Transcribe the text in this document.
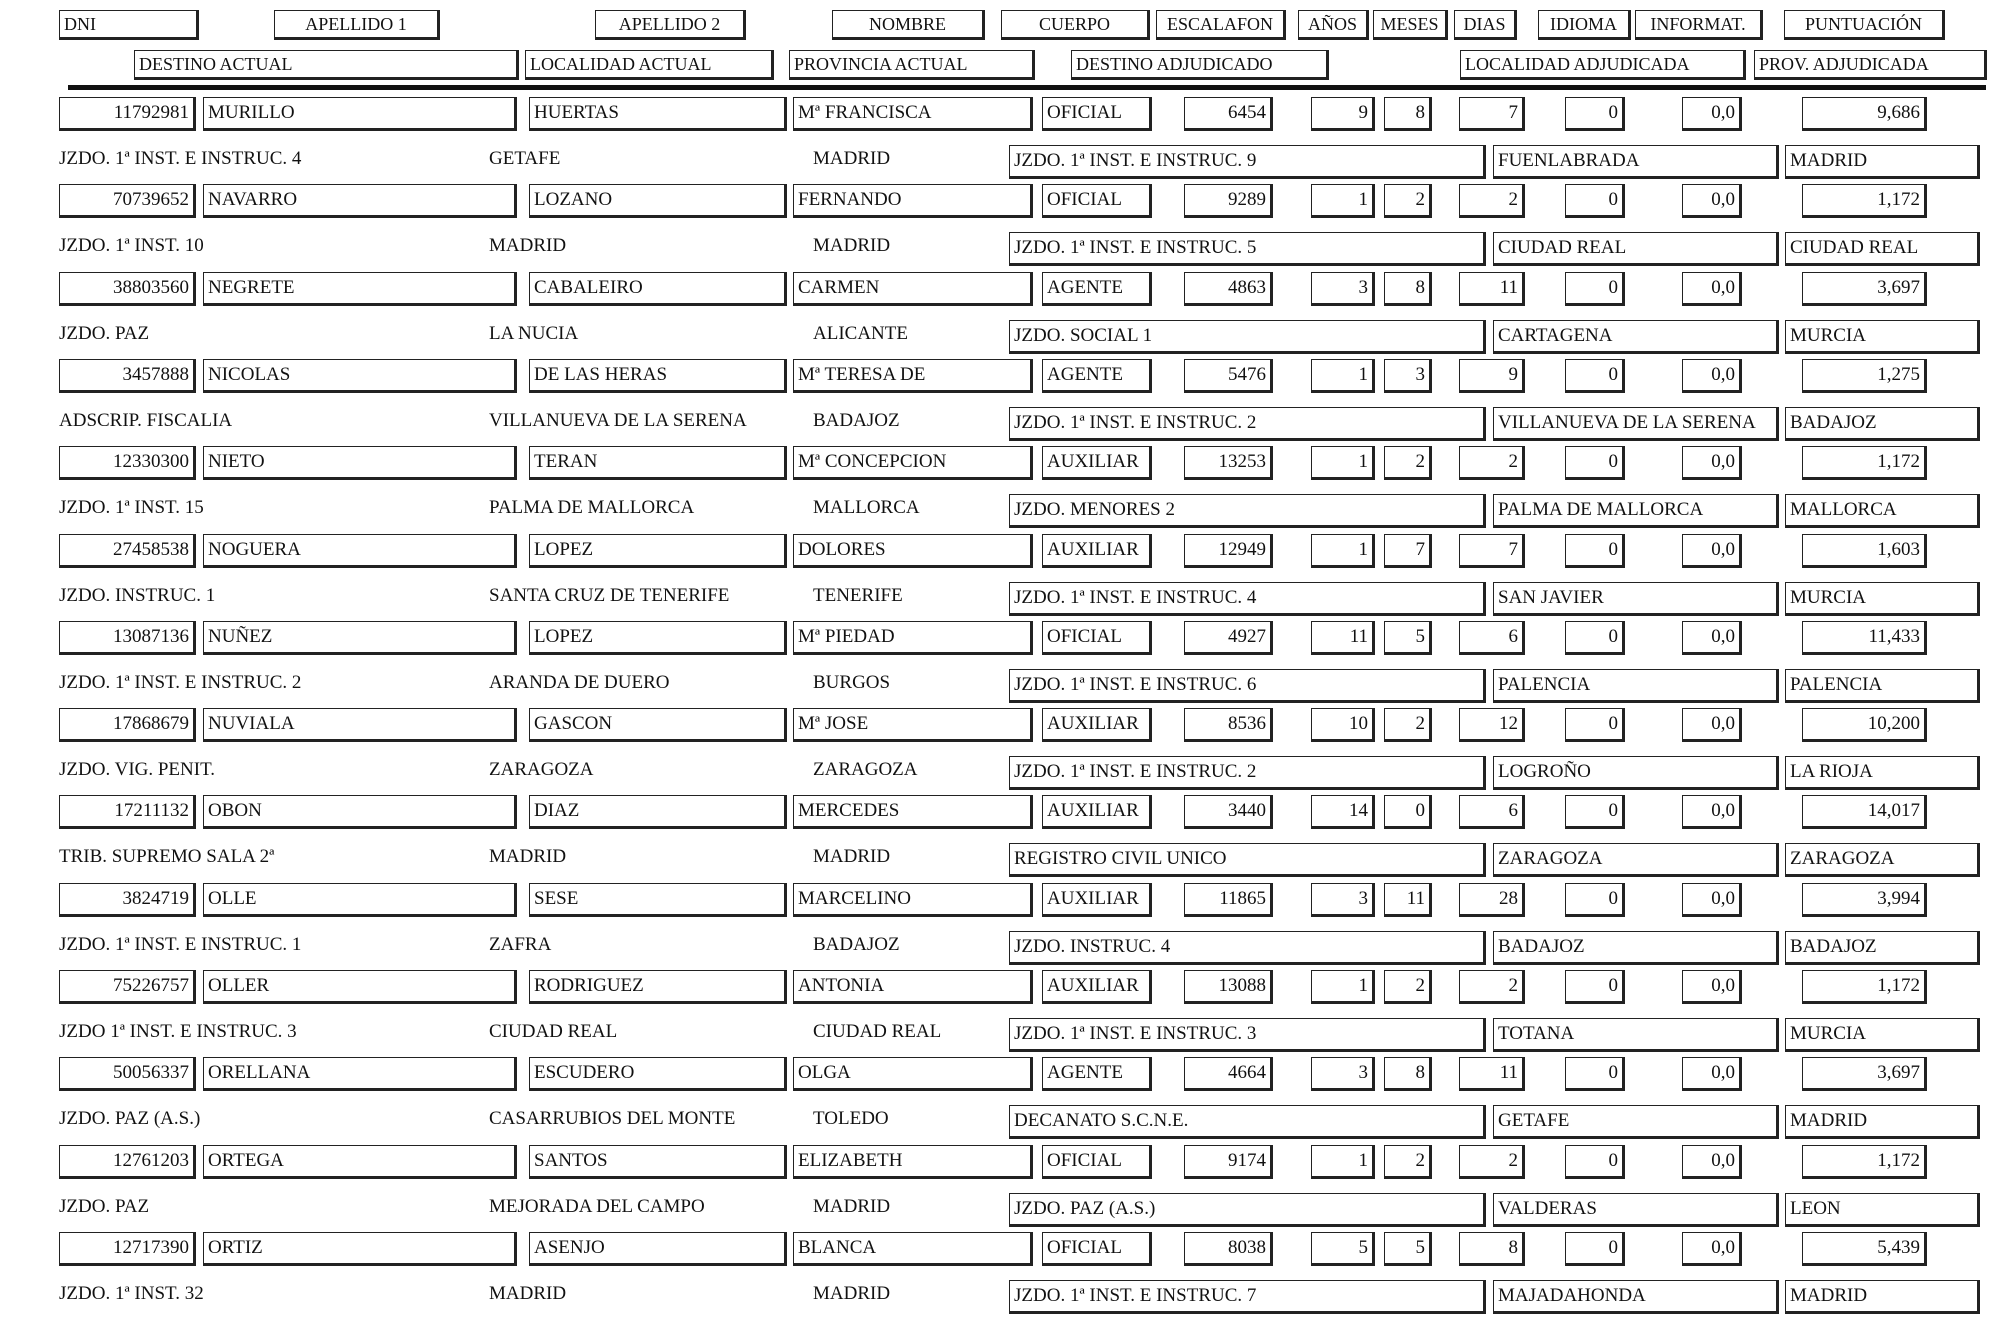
DNI	APELLIDO 1	APELLIDO 2	NOMBRE	CUERPO	ESCALAFON	AÑOS	MESES	DIAS	IDIOMA	INFORMAT.	PUNTUACIÓN
DESTINO ACTUAL	LOCALIDAD ACTUAL	PROVINCIA ACTUAL	DESTINO ADJUDICADO	LOCALIDAD ADJUDICADA	PROV. ADJUDICADA
11792981	MURILLO	HUERTAS	Mª FRANCISCA	OFICIAL	6454	9	8	7	0	0,0	9,686
JZDO. 1ª INST. E INSTRUC. 4	GETAFE	MADRID	JZDO. 1ª INST. E INSTRUC. 9	FUENLABRADA	MADRID
70739652	NAVARRO	LOZANO	FERNANDO	OFICIAL	9289	1	2	2	0	0,0	1,172
JZDO. 1ª INST. 10	MADRID	MADRID	JZDO. 1ª INST. E INSTRUC. 5	CIUDAD REAL	CIUDAD REAL
38803560	NEGRETE	CABALEIRO	CARMEN	AGENTE	4863	3	8	11	0	0,0	3,697
JZDO. PAZ	LA NUCIA	ALICANTE	JZDO. SOCIAL 1	CARTAGENA	MURCIA
3457888	NICOLAS	DE LAS HERAS	Mª TERESA DE	AGENTE	5476	1	3	9	0	0,0	1,275
ADSCRIP. FISCALIA	VILLANUEVA DE LA SERENA	BADAJOZ	JZDO. 1ª INST. E INSTRUC. 2	VILLANUEVA DE LA SERENA	BADAJOZ
12330300	NIETO	TERAN	Mª CONCEPCION	AUXILIAR	13253	1	2	2	0	0,0	1,172
JZDO. 1ª INST. 15	PALMA DE MALLORCA	MALLORCA	JZDO. MENORES 2	PALMA DE MALLORCA	MALLORCA
27458538	NOGUERA	LOPEZ	DOLORES	AUXILIAR	12949	1	7	7	0	0,0	1,603
JZDO. INSTRUC. 1	SANTA CRUZ DE TENERIFE	TENERIFE	JZDO. 1ª INST. E INSTRUC. 4	SAN JAVIER	MURCIA
13087136	NUÑEZ	LOPEZ	Mª PIEDAD	OFICIAL	4927	11	5	6	0	0,0	11,433
JZDO. 1ª INST. E INSTRUC. 2	ARANDA DE DUERO	BURGOS	JZDO. 1ª INST. E INSTRUC. 6	PALENCIA	PALENCIA
17868679	NUVIALA	GASCON	Mª JOSE	AUXILIAR	8536	10	2	12	0	0,0	10,200
JZDO. VIG. PENIT.	ZARAGOZA	ZARAGOZA	JZDO. 1ª INST. E INSTRUC. 2	LOGROÑO	LA RIOJA
17211132	OBON	DIAZ	MERCEDES	AUXILIAR	3440	14	0	6	0	0,0	14,017
TRIB. SUPREMO SALA 2ª	MADRID	MADRID	REGISTRO CIVIL UNICO	ZARAGOZA	ZARAGOZA
3824719	OLLE	SESE	MARCELINO	AUXILIAR	11865	3	11	28	0	0,0	3,994
JZDO. 1ª INST. E INSTRUC. 1	ZAFRA	BADAJOZ	JZDO. INSTRUC. 4	BADAJOZ	BADAJOZ
75226757	OLLER	RODRIGUEZ	ANTONIA	AUXILIAR	13088	1	2	2	0	0,0	1,172
JZDO 1ª INST. E INSTRUC. 3	CIUDAD REAL	CIUDAD REAL	JZDO. 1ª INST. E INSTRUC. 3	TOTANA	MURCIA
50056337	ORELLANA	ESCUDERO	OLGA	AGENTE	4664	3	8	11	0	0,0	3,697
JZDO. PAZ (A.S.)	CASARRUBIOS DEL MONTE	TOLEDO	DECANATO S.C.N.E.	GETAFE	MADRID
12761203	ORTEGA	SANTOS	ELIZABETH	OFICIAL	9174	1	2	2	0	0,0	1,172
JZDO. PAZ	MEJORADA DEL CAMPO	MADRID	JZDO. PAZ (A.S.)	VALDERAS	LEON
12717390	ORTIZ	ASENJO	BLANCA	OFICIAL	8038	5	5	8	0	0,0	5,439
JZDO. 1ª INST. 32	MADRID	MADRID	JZDO. 1ª INST. E INSTRUC. 7	MAJADAHONDA	MADRID
